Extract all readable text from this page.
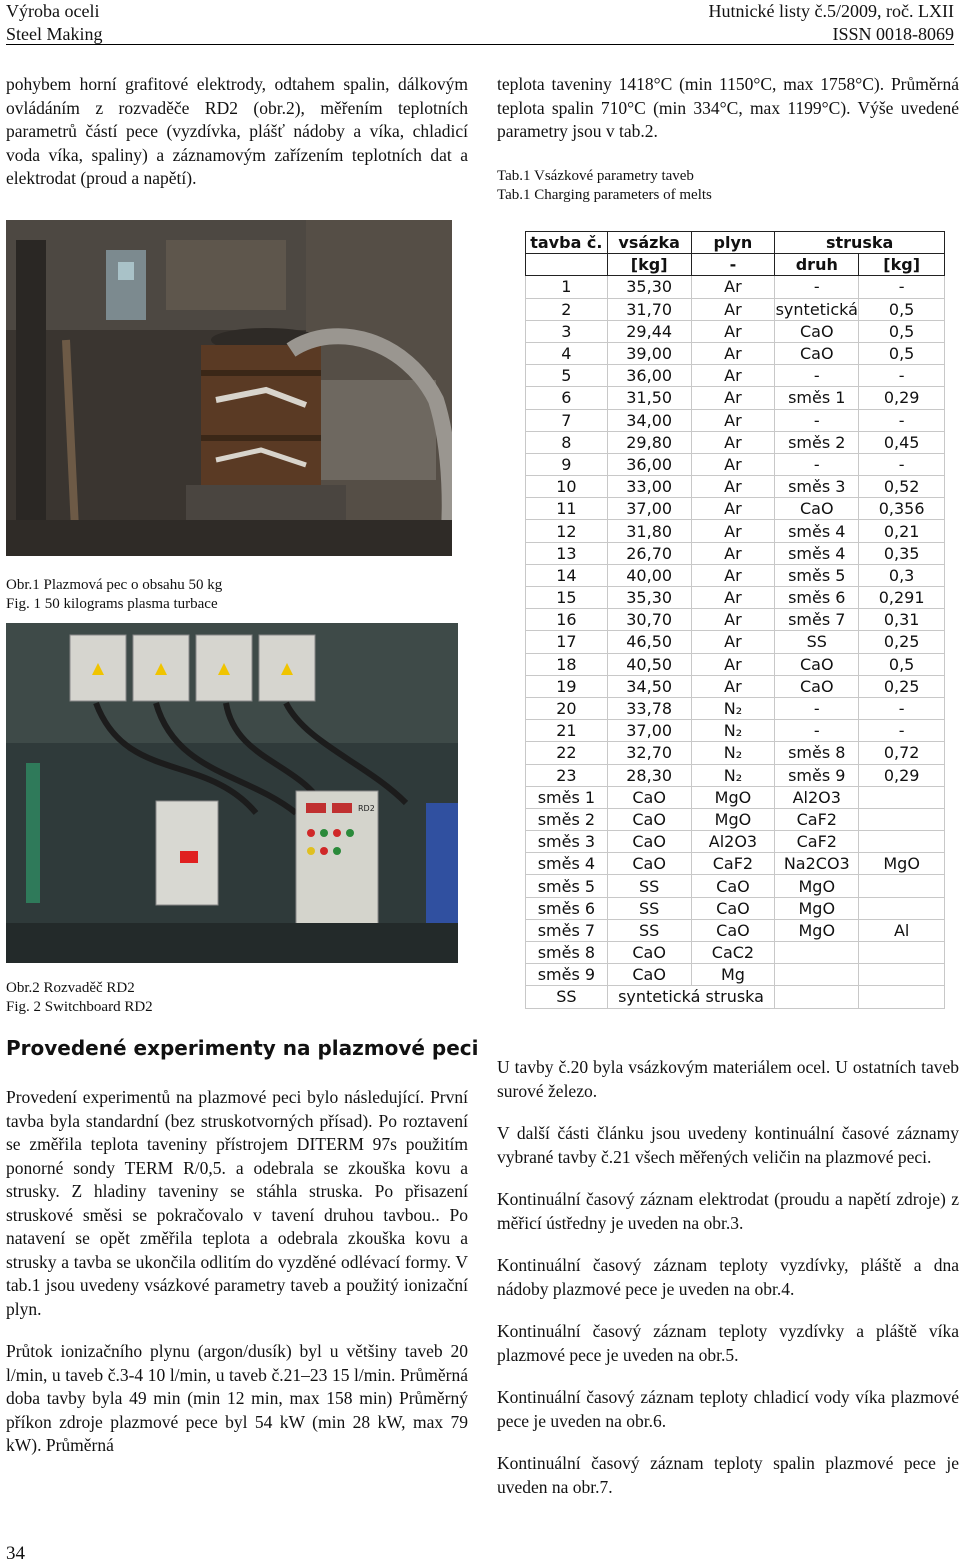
Výroba oceli
Steel Making
Hutnické listy č.5/2009, roč. LXII
ISSN 0018-8069

pohybem horní grafitové elektrody, odtahem spalin, dálkovým ovládáním z rozvaděče RD2 (obr.2), měřením teplotních parametrů částí pece (vyzdívka, plášť nádoby a víka, chladicí voda víka, spaliny) a záznamovým zařízením teplotních dat a elektrodat (proud a napětí).

teplota taveniny 1418°C (min 1150°C, max 1758°C). Průměrná teplota spalin 710°C (min 334°C, max 1199°C). Výše uvedené parametry jsou v tab.2.

Tab.1 Vsázkové parametry taveb
Tab.1 Charging parameters of melts
Obr.1 Plazmová pec o obsahu 50 kg
Fig. 1 50 kilograms plasma turbace
RD2
Obr.2 Rozvaděč RD2
Fig. 2 Switchboard RD2
tavba č.	vsázka	plyn	struska	
	[kg]	-	druh	[kg]
1	35,30	Ar	-	-
2	31,70	Ar	syntetická	0,5
3	29,44	Ar	CaO	0,5
4	39,00	Ar	CaO	0,5
5	36,00	Ar	-	-
6	31,50	Ar	směs 1	0,29
7	34,00	Ar	-	-
8	29,80	Ar	směs 2	0,45
9	36,00	Ar	-	-
10	33,00	Ar	směs 3	0,52
11	37,00	Ar	CaO	0,356
12	31,80	Ar	směs 4	0,21
13	26,70	Ar	směs 4	0,35
14	40,00	Ar	směs 5	0,3
15	35,30	Ar	směs 6	0,291
16	30,70	Ar	směs 7	0,31
17	46,50	Ar	SS	0,25
18	40,50	Ar	CaO	0,5
19	34,50	Ar	CaO	0,25
20	33,78	N₂	-	-
21	37,00	N₂	-	-
22	32,70	N₂	směs 8	0,72
23	28,30	N₂	směs 9	0,29
směs 1	CaO	MgO	Al2O3	
směs 2	CaO	MgO	CaF2	
směs 3	CaO	Al2O3	CaF2	
směs 4	CaO	CaF2	Na2CO3	MgO
směs 5	SS	CaO	MgO	
směs 6	SS	CaO	MgO	
směs 7	SS	CaO	MgO	Al
směs 8	CaO	CaC2		
směs 9	CaO	Mg		
SS	syntetická struska			
Provedené experimenty na plazmové peci

Provedení experimentů na plazmové peci bylo následující. První tavba byla standardní (bez struskotvorných přísad). Po roztavení se změřila teplota taveniny přístrojem DITERM 97s použitím ponorné sondy TERM R/0,5. a odebrala se zkouška kovu a strusky. Z hladiny taveniny se stáhla struska. Po přisazení struskové směsi se pokračovalo v tavení druhou tavbou.. Po natavení se opět změřila teplota a odebrala zkouška kovu a strusky a tavba se ukončila odlitím do vyzděné odlévací formy. V tab.1 jsou uvedeny vsázkové parametry taveb a použitý ionizační plyn.

Průtok ionizačního plynu (argon/dusík) byl u většiny taveb 20 l/min, u taveb č.3-4 10 l/min, u taveb č.21–23 15 l/min. Průměrná doba tavby byla 49 min (min 12 min, max 158 min) Průměrný příkon zdroje plazmové pece byl 54 kW (min 28 kW, max 79 kW). Průměrná

U tavby č.20 byla vsázkovým materiálem ocel. U ostatních taveb surové železo.

V další části článku jsou uvedeny kontinuální časové záznamy vybrané tavby č.21 všech měřených veličin na plazmové peci.

Kontinuální časový záznam elektrodat (proudu a napětí zdroje) z měřicí ústředny je uveden na obr.3.

Kontinuální časový záznam teploty vyzdívky, pláště a dna nádoby plazmové pece je uveden na obr.4.

Kontinuální časový záznam teploty vyzdívky a pláště víka plazmové pece je uveden na obr.5.

Kontinuální časový záznam teploty chladicí vody víka plazmové pece je uveden na obr.6.

Kontinuální časový záznam teploty spalin plazmové pece je uveden na obr.7.

34
